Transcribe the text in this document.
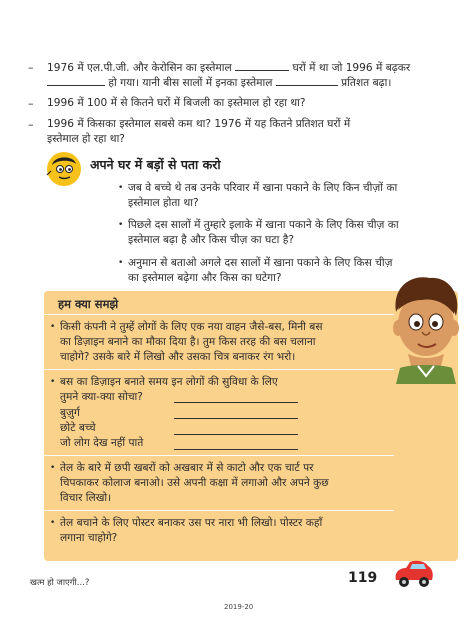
– 1976 में एल.पी.जी. और केरोसिन का इस्तेमाल	घरों में था जो 1996 में बढ़कर
हो गया। यानी बीस सालों में इनका इस्तेमाल	प्रतिशत बढ़ा।
– 1996 में 100 में से कितने घरों में बिजली का इस्तेमाल हो रहा था?
– 1996 में किसका इस्तेमाल सबसे कम था? 1976 में यह कितने प्रतिशत घरों में
इस्तेमाल हो रहा था?
अपने घर में बड़ों से पता करो
• जब वे बच्चे थे तब उनके परिवार में खाना पकाने के लिए किन चीज़ों का
इस्तेमाल होता था?
• पिछले दस सालों में तुम्हारे इलाके में खाना पकाने के लिए किस चीज़ का
इस्तेमाल बढ़ा है और किस चीज़ का घटा है?
• अनुमान से बताओ अगले दस सालों में खाना पकाने के लिए किस चीज़
का इस्तेमाल बढ़ेगा और किस का घटेगा?
हम क्या समझे
• किसी कंपनी ने तुम्हें लोगों के लिए एक नया वाहन जैसे-बस, मिनी बस
का डिज़ाइन बनाने का मौका दिया है। तुम किस तरह की बस चलाना
चाहोगे? उसके बारे में लिखो और उसका चित्र बनाकर रंग भरो।
• बस का डिज़ाइन बनाते समय इन लोगों की सुविधा के लिए
तुमने क्या-क्या सोचा?
बुज़ुर्ग
छोटे बच्चे
जो लोग देख नहीं पाते
• तेल के बारे में छपी खबरों को अखबार में से काटो और एक चार्ट पर
चिपकाकर कोलाज बनाओ। उसे अपनी कक्षा में लगाओ और अपने कुछ
विचार लिखो।
• तेल बचाने के लिए पोस्टर बनाकर उस पर नारा भी लिखो। पोस्टर कहाँ
लगाना चाहोगे?
खत्म हो जाएगी...?	119
2019-20
